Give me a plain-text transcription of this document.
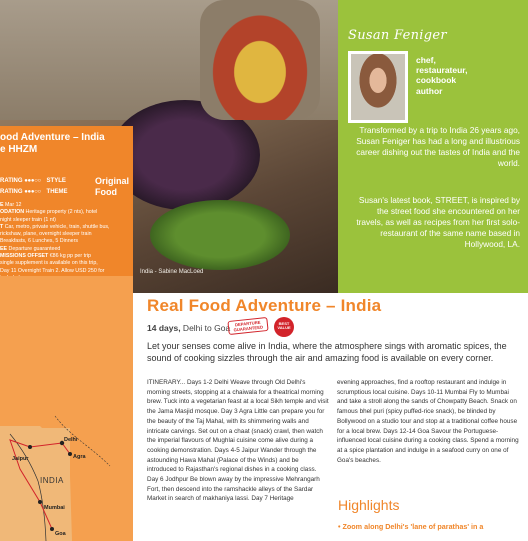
India - Sabine MacLoed
Susan Feniger
chef,
restaurateur,
cookbook
author
Transformed by a trip to India 26 years ago, Susan Feniger has had a long and illustrious career dishing out the tastes of India and the world.
Susan's latest book, STREET, is inspired by the street food she encountered on her travels, as well as recipes from her first solo-restaurant of the same name based in Hollywood, LA.
ood Adventure – India
e HHZM
RATING ●●●○○ STYLE	Original
RATING ●●●○○ THEME	Food
E Mar 12
ODATION Heritage property (2 nts), hotel
night sleeper train (1 nt)
T Car, metro, private vehicle, train, shuttle bus,
rickshaw, plane, overnight sleeper train
Breakfasts, 6 Lunches, 5 Dinners
EE Departure guaranteed
MISSIONS OFFSET €86 kg pp per trip
single supplement is available on this trip,
Day 11 Overnight Train 2. Allow USD 250 for
Jaipur
Delhi
Agra
INDIA
Mumbai
Goa
Real Food Adventure – India
14 days, Delhi to Goa	DEPARTURE GUARANTEED
BEST VALUE
Let your senses come alive in India, where the atmosphere sings with aromatic spices, the sound of cooking sizzles through the air and amazing food is available on every corner.
ITINERARY... Days 1-2 Delhi Weave through Old Delhi's morning streets, stopping at a chaiwala for a theatrical morning brew. Tuck into a vegetarian feast at a local Sikh temple and visit the Jama Masjid mosque. Day 3 Agra Little can prepare you for the beauty of the Taj Mahal, with its shimmering walls and intricate carvings. Set out on a chaat (snack) crawl, then watch the imperial flavours of Mughlai cuisine come alive during a cooking demonstration. Days 4-5 Jaipur Wander through the astounding Hawa Mahal (Palace of the Winds) and be introduced to Rajasthan's regional dishes in a cooking class. Day 6 Jodhpur Be blown away by the impressive Mehrangarh Fort, then descend into the ramshackle alleys of the Sardar Market in search of makhaniya lassi. Day 7 Heritage
evening approaches, find a rooftop restaurant and indulge in scrumptious local cuisine. Days 10-11 Mumbai Fly to Mumbai and take a stroll along the sands of Chowpatty Beach. Snack on famous bhel puri (spicy puffed-rice snack), be blinded by Bollywood on a studio tour and stop at a traditional coffee house for a local brew. Days 12-14 Goa Savour the Portuguese-influenced local cuisine during a cooking class. Spend a morning at a spice plantation and indulge in a seafood curry on one of Goa's beaches.
Highlights
• Zoom along Delhi's 'lane of parathas' in a
